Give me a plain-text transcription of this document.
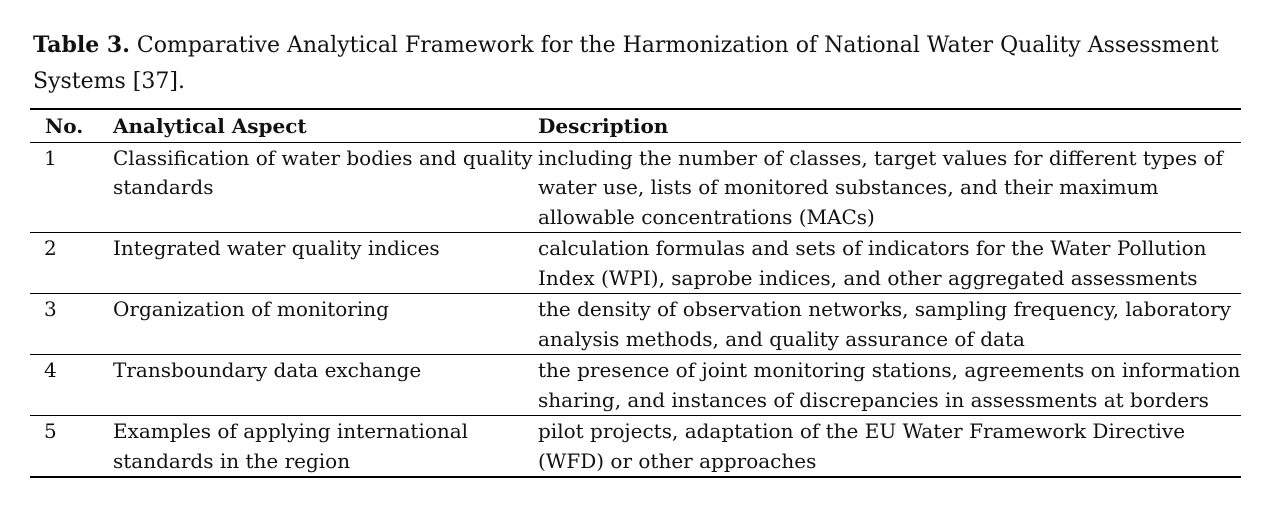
Table 3. Comparative Analytical Framework for the Harmonization of National Water Quality Assessment Systems [37].

No.	Analytical Aspect	Description
1	Classification of water bodies and quality standards	including the number of classes, target values for different types of water use, lists of monitored substances, and their maximum allowable concentrations (MACs)
2	Integrated water quality indices	calculation formulas and sets of indicators for the Water Pollution Index (WPI), saprobe indices, and other aggregated assessments
3	Organization of monitoring	the density of observation networks, sampling frequency, laboratory analysis methods, and quality assurance of data
4	Transboundary data exchange	the presence of joint monitoring stations, agreements on information sharing, and instances of discrepancies in assessments at borders
5	Examples of applying international standards in the region	pilot projects, adaptation of the EU Water Framework Directive (WFD) or other approaches
